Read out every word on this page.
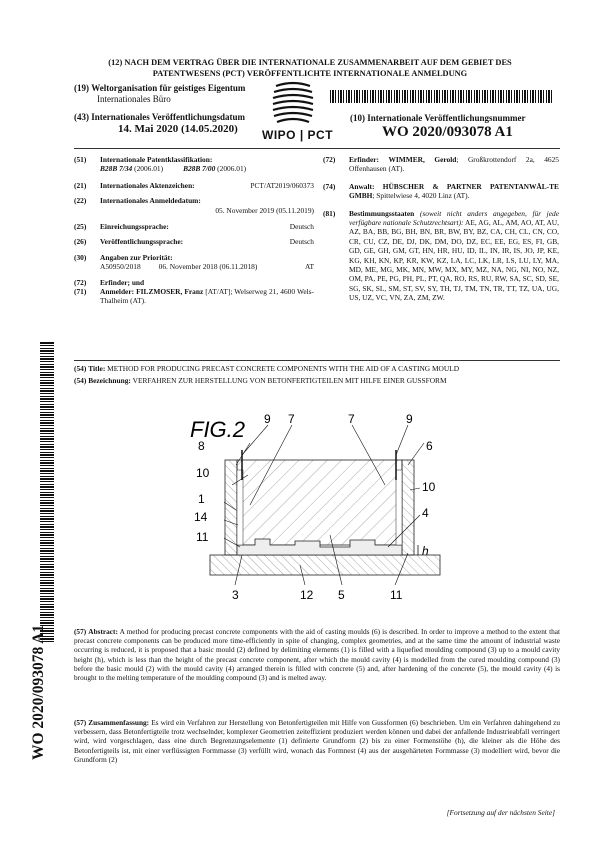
(12) NACH DEM VERTRAG ÜBER DIE INTERNATIONALE ZUSAMMENARBEIT AUF DEM GEBIET DES
PATENTWESENS (PCT) VERÖFFENTLICHTE INTERNATIONALE ANMELDUNG
(19) Weltorganisation für geistiges Eigentum
Internationales Büro
WIPO | PCT
(43) Internationales Veröffentlichungsdatum
14. Mai 2020 (14.05.2020)
(10) Internationale Veröffentlichungsnummer
WO 2020/093078 A1
(51)	Internationale Patentklassifikation:
B28B 7/34
(2006.01)	B28B 7/00
(2006.01)
(21)	Internationales Aktenzeichen:	PCT/AT2019/060373
(22)	Internationales Anmeldedatum:
05. November 2019 (05.11.2019)
(25)	Einreichungssprache:	Deutsch
(26)	Veröffentlichungssprache:	Deutsch
(30)	Angaben zur Priorität:
A50950/2018 06. November 2018 (06.11.2018)	AT
(72)	Erfinder; und
(71)	Anmelder: FILZMOSER, Franz [AT/AT]; Welserweg 21, 4600 Wels-Thalheim (AT).
(72)	Erfinder: WIMMER, Gerold; Großkrottendorf 2a, 4625 Offenhausen (AT).
(74)	Anwalt: HÜBSCHER & PARTNER PATENTANWÄL-TE GMBH; Spittelwiese 4, 4020 Linz (AT).
(81)	Bestimmungsstaaten (soweit nicht anders angegeben, für jede verfügbare nationale Schutzrechtsart): AE, AG, AL, AM, AO, AT, AU, AZ, BA, BB, BG, BH, BN, BR, BW, BY, BZ, CA, CH, CL, CN, CO, CR, CU, CZ, DE, DJ, DK, DM, DO, DZ, EC, EE, EG, ES, FI, GB, GD, GE, GH, GM, GT, HN, HR, HU, ID, IL, IN, IR, IS, JO, JP, KE, KG, KH, KN, KP, KR, KW, KZ, LA, LC, LK, LR, LS, LU, LY, MA, MD, ME, MG, MK, MN, MW, MX, MY, MZ, NA, NG, NI, NO, NZ, OM, PA, PE, PG, PH, PL, PT, QA, RO, RS, RU, RW, SA, SC, SD, SE, SG, SK, SL, SM, ST, SV, SY, TH, TJ, TM, TN, TR, TT, TZ, UA, UG, US, UZ, VC, VN, ZA, ZM, ZW.
WO 2020/093078 A1
(54) Title: METHOD FOR PRODUCING PRECAST CONCRETE COMPONENTS WITH THE AID OF A CASTING MOULD
(54) Bezeichnung: VERFAHREN ZUR HERSTELLUNG VON BETONFERTIGTEILEN MIT HILFE EINER GUSSFORM
FIG.2 9 7	7	9
8	6
10
10
1
4
14
11
h
3	12 5	11
(57) Abstract: A method for producing precast concrete components with the aid of casting moulds (6) is described. In order to improve a method to the extent that precast concrete components can be produced more time-efficiently in spite of changing, complex geometries, and at the same time the amount of industrial waste occurring is reduced, it is proposed that a basic mould (2) defined by delimiting elements (1) is filled with a liquefied moulding compound (3) up to a mould cavity height (h), which is less than the height of the precast concrete component, after which the mould cavity (4) is modelled from the cured moulding compound (3) before the basic mould (2) with the mould cavity (4) arranged therein is filled with concrete (5) and, after hardening of the concrete (5), the mould cavity (4) is brought to the melting temperature of the moulding compound (3) and is melted away.
(57) Zusammenfassung: Es wird ein Verfahren zur Herstellung von Betonfertigteilen mit Hilfe von Gussformen (6) beschrieben. Um ein Verfahren dahingehend zu verbessern, dass Betonfertigteile trotz wechselnder, komplexer Geometrien zeiteffizient produziert werden können und dabei der anfallende Industrieabfall verringert wird, wird vorgeschlagen, dass eine durch Begrenzungselemente (1) definierte Grundform (2) bis zu einer Formenstöhe (h), die kleiner als die Höhe des Betonfertigteils ist, mit einer verflüssigten Formmasse (3) verfüllt wird, wonach das Formnest (4) aus der ausgehärteten Formmasse (3) modelliert wird, bevor die Grundform (2)
[Fortsetzung auf der nächsten Seite]
